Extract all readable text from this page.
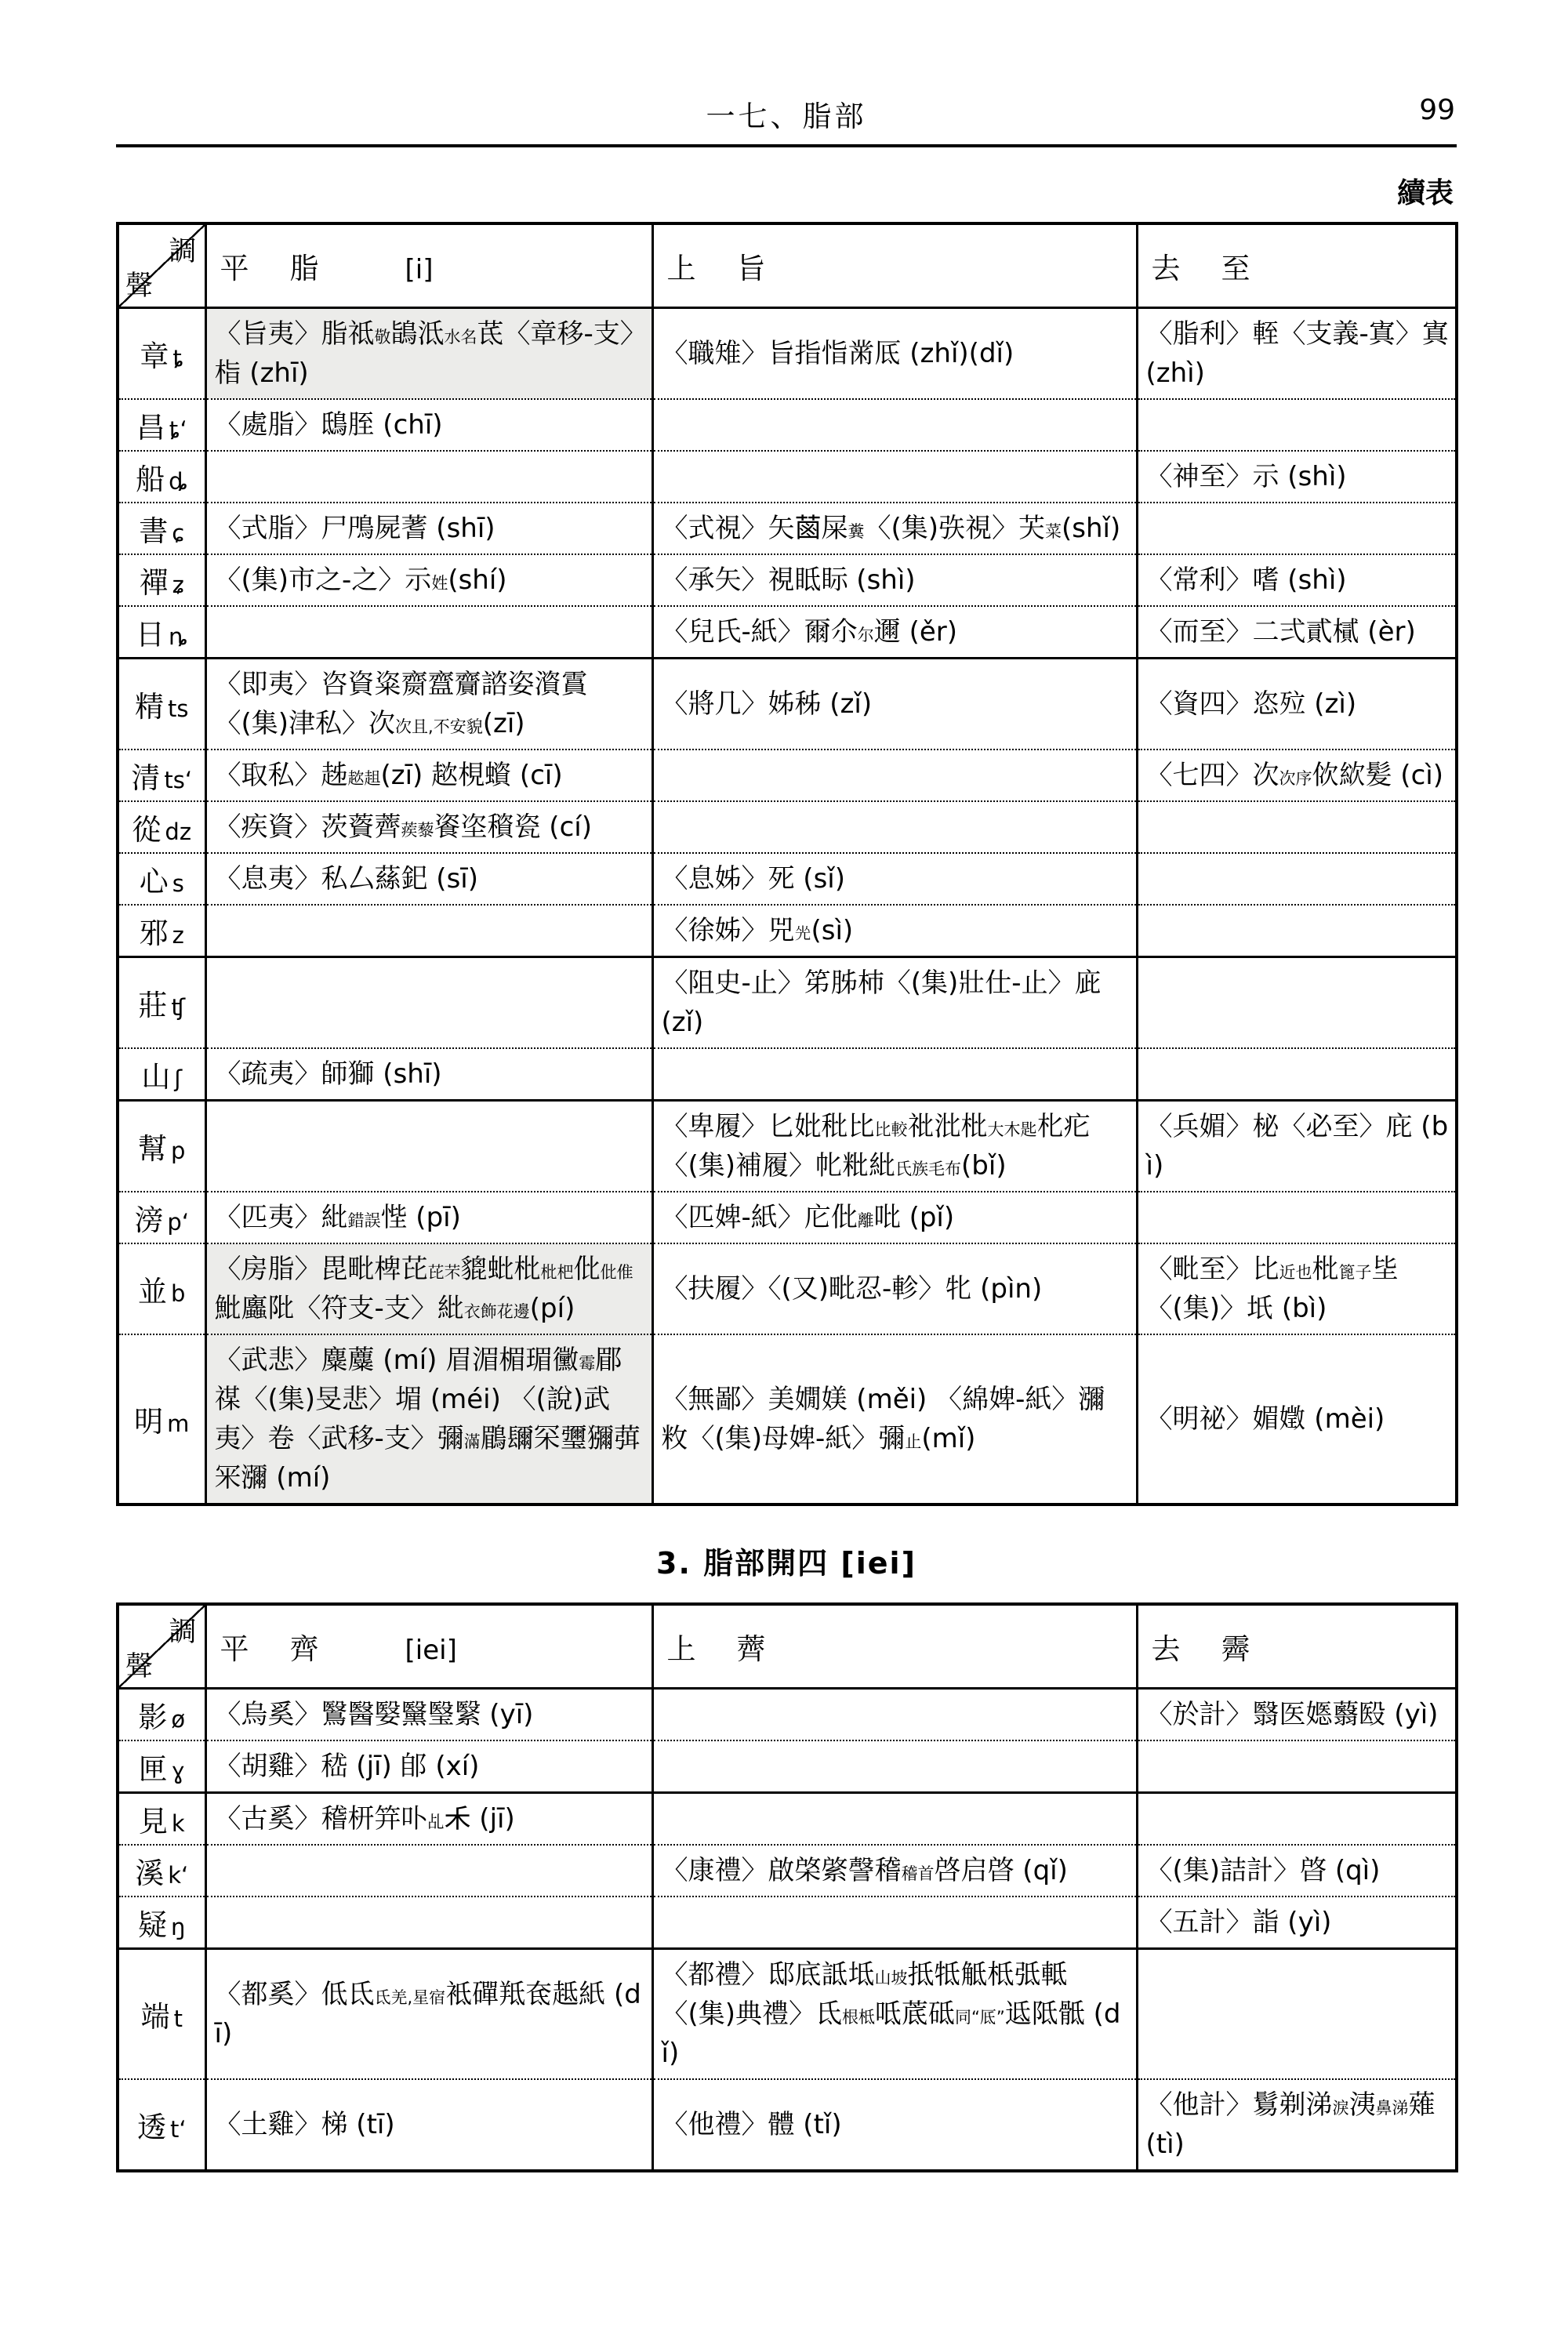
一七、脂部	99
續表
調
聲	平 脂 [i]	上 旨	去 至

章 ȶ	〈旨夷〉脂祗敬鴲泜水名茋〈章移-支〉栺 (zhī)	〈職雉〉旨指恉黹厎 (zhǐ)(dǐ)	〈脂利〉輊〈支義-寘〉寘 (zhì)
昌 ȶ‘	〈處脂〉鴟胵 (chī)		
船 ȡ			〈神至〉示 (shì)
書 ɕ	〈式脂〉尸鳲屍蓍 (shī)	〈式視〉矢𦳊屎糞〈(集)矤視〉芖菜(shǐ)	
禪 ʑ	〈(集)市之-之〉示姓(shí)	〈承矢〉視眡眎 (shì)	〈常利〉嗜 (shì)
日 ȵ		〈兒氏-紙〉爾尒尔邇 (ěr)	〈而至〉二弍貳樲 (èr)
精 ts	〈即夷〉咨資粢齌齍齎諮姿澬霣〈(集)津私〉次次且,不安貌(zī)	〈將几〉姊秭 (zǐ)	〈資四〉恣㱞 (zì)
清 ts‘	〈取私〉趀趑趄(zī) 趑梘蠀 (cī)		〈七四〉次次序佽絘髪 (cì)
從 dz	〈疾資〉茨薋薺蒺藜餈垐䆅瓷 (cí)		
心 s	〈息夷〉私厶蕬釲 (sī)	〈息姊〉死 (sǐ)	
邪 z		〈徐姊〉兕𠒃(sì)	
莊 ʧ		〈阻史-止〉笫胏杮〈(集)壯仕-止〉庛 (zǐ)	
山 ʃ	〈疏夷〉師獅 (shī)		
幫 p		〈卑履〉匕妣秕比比較䃾沘枇大木匙朼疕〈(集)補履〉㠲粃紕氏族毛布(bǐ)	〈兵媚〉柲〈必至〉庇 (bì)
滂 p‘	〈匹夷〉紕錯誤悂 (pī)	〈匹婢-紙〉庀仳離吡 (pǐ)	
並 b	〈房脂〉毘毗椑芘芘芣貔蚍枇枇杷仳仳倠魮蠯阰〈符支-支〉紕衣飾花邊(pí)	〈扶履〉〈(又)毗忍-軫〉牝 (pìn)	〈毗至〉比近也枇篦子坒〈(集)〉坁 (bì)
明 m	〈武悲〉麋蘪 (mí) 眉湄楣瑂黴霉郿禖〈(集)旻悲〉堳 (méi) 〈(說)武夷〉卷〈武移-支〉彌滿鶥镾罙瓕獼葞冞瀰 (mí)	〈無鄙〉美嫺媄 (měi) 〈綿婢-紙〉瀰敉〈(集)母婢-紙〉彌止(mǐ)	〈明祕〉媚嬍 (mèi)
3. 脂部開四 [iei]
調
聲	平 齊 [iei]	上 薺	去 霽

影 ø	〈烏奚〉鷖醫嫛黳瑿繄 (yī)		〈於計〉翳医嫕蘙殹 (yì)
匣 ɣ	〈胡雞〉嵇 (jī) 郋 (xí)		
見 k	〈古奚〉稽枅笄卟乩𥝌 (jī)		
溪 k‘		〈康禮〉啟棨綮謦稽稽首啓启晵 (qǐ)	〈(集)詰計〉晵 (qì)
疑 ŋ			〈五計〉詣 (yì)
端 t	〈都奚〉低氐氐羌,星宿袛磾羝奃趆紙 (dī)	〈都禮〉邸底詆坻山坡抵牴觝柢弤軧〈(集)典禮〉氐根柢呧菧砥同“厎”䢑阺骶 (dǐ)	
透 t‘	〈土雞〉梯 (tī)	〈他禮〉體 (tǐ)	〈他計〉鬄剃涕淚洟鼻涕薙 (tì)
